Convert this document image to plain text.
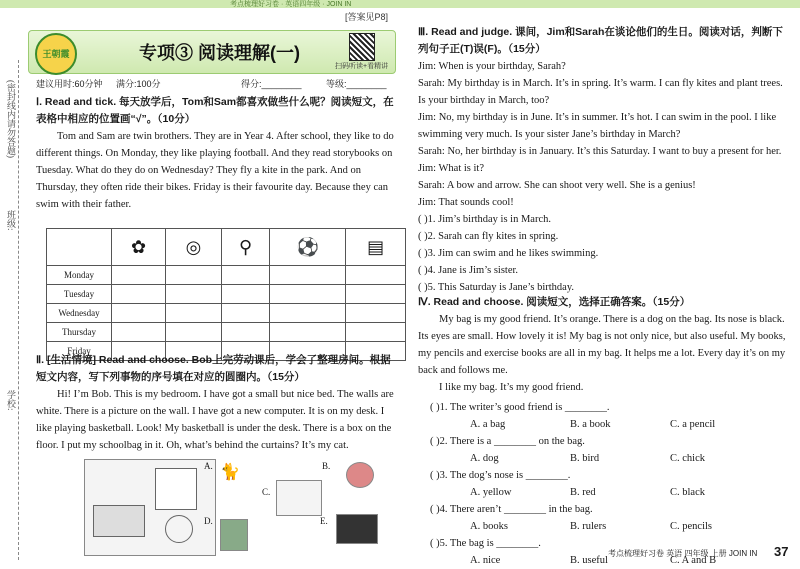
考点梳理好习卷 · 英语四年级 · JOIN IN
[答案见P8]
(密封线内请勿答题)
班级:
学校:
王朝霞	专项③ 阅读理解(一)
扫码听读+看精讲
建议用时:60分钟 满分:100分	得分:________	等级:________

Ⅰ. Read and tick. 每天放学后，Tom和Sam都喜欢做些什么呢？阅读短文，在表格中相应的位置画“√”。（10分）

Tom and Sam are twin brothers. They are in Year 4. After school, they like to do different things. On Monday, they like playing football. And they read storybooks on Tuesday. What do they do on Wednesday? They fly a kite in the park. And on Thursday, they often ride their bikes. Friday is their favourite day. Because they can swim with their father.

	✿	◎	⚲	⚽	▤
Monday					
Tuesday					
Wednesday					
Thursday					
Friday					

Ⅱ. [生活情境] Read and choose. Bob上完劳动课后，学会了整理房间。根据短文内容，写下列事物的序号填在对应的圆圈内。（15分）

Hi! I’m Bob. This is my bedroom. I have got a small but nice bed. The walls are white. There is a picture on the wall. I have got a new computer. It is on my desk. I like playing basketball. Look! My basketball is under the desk. There is a box on the floor. I put my schoolbag in it. Oh, what’s behind the curtains? It’s my cat.

A. 🐈
C.
B.
D.	E.

Ⅲ. Read and judge. 课间，Jim和Sarah在谈论他们的生日。阅读对话，判断下列句子正(T)误(F)。（15分）

Jim: When is your birthday, Sarah?

Sarah: My birthday is in March. It’s in spring. It’s warm. I can fly kites and plant trees. Is your birthday in March, too?

Jim: No, my birthday is in June. It’s in summer. It’s hot. I can swim in the pool. I like swimming very much. Is your sister Jane’s birthday in March?

Sarah: No, her birthday is in January. It’s this Saturday. I want to buy a present for her.

Jim: What is it?

Sarah: A bow and arrow. She can shoot very well. She is a genius!

Jim: That sounds cool!

( )1. Jim’s birthday is in March.

( )2. Sarah can fly kites in spring.

( )3. Jim can swim and he likes swimming.

( )4. Jane is Jim’s sister.

( )5. This Saturday is Jane’s birthday.

Ⅳ. Read and choose. 阅读短文，选择正确答案。（15分）

My bag is my good friend. It’s orange. There is a dog on the bag. Its nose is black. Its eyes are small. How lovely it is! My bag is not only nice, but also useful. My books, my pencils and exercise books are all in my bag. It helps me a lot. Every day it’s on my back and follows me.

I like my bag. It’s my good friend.

( )1. The writer’s good friend is ________.
A. a bag	B. a book	C. a pencil
( )2. There is a ________ on the bag.
A. dog	B. bird	C. chick
( )3. The dog’s nose is ________.
A. yellow	B. red	C. black
( )4. There aren’t ________ in the bag.
A. books	B. rulers	C. pencils
( )5. The bag is ________.
A. nice	B. useful	C. A and B
考点梳理好习卷 英语 四年级 上册 JOIN IN 37
